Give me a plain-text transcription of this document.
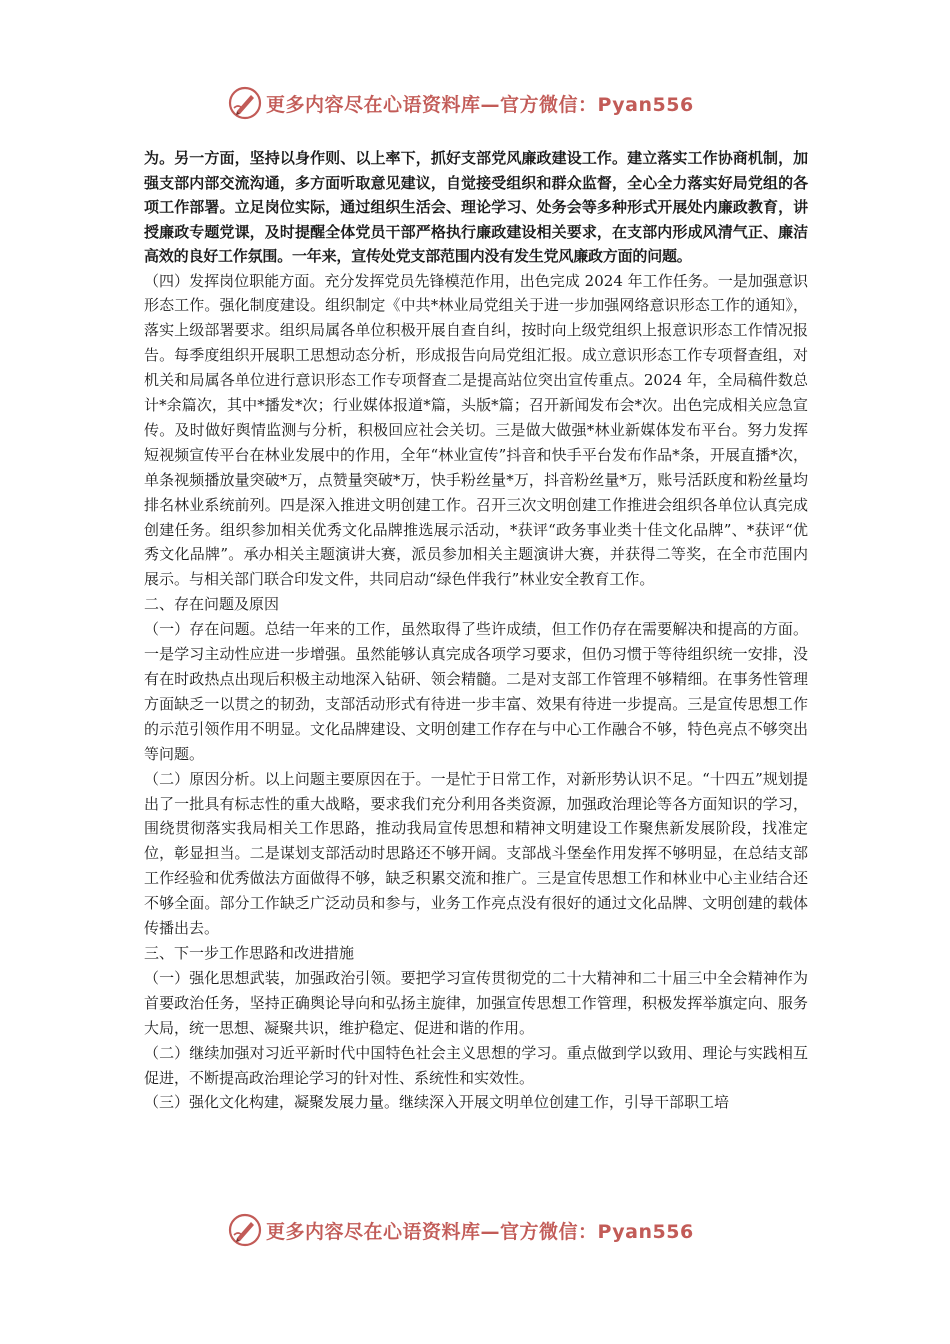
更多内容尽在心语资料库—官方微信：Pyan556

为。另一方面，坚持以身作则、以上率下，抓好支部党风廉政建设工作。建立落实工作协商机制，加强支部内部交流沟通，多方面听取意见建议，自觉接受组织和群众监督，全心全力落实好局党组的各项工作部署。立足岗位实际，通过组织生活会、理论学习、处务会等多种形式开展处内廉政教育，讲授廉政专题党课，及时提醒全体党员干部严格执行廉政建设相关要求，在支部内形成风清气正、廉洁高效的良好工作氛围。一年来，宣传处党支部范围内没有发生党风廉政方面的问题。

（四）发挥岗位职能方面。充分发挥党员先锋模范作用，出色完成 2024 年工作任务。一是加强意识形态工作。强化制度建设。组织制定《中共*林业局党组关于进一步加强网络意识形态工作的通知》，落实上级部署要求。组织局属各单位积极开展自查自纠，按时向上级党组织上报意识形态工作情况报告。每季度组织开展职工思想动态分析，形成报告向局党组汇报。成立意识形态工作专项督查组，对机关和局属各单位进行意识形态工作专项督查二是提高站位突出宣传重点。2024 年，全局稿件数总计*余篇次，其中*播发*次；行业媒体报道*篇，头版*篇；召开新闻发布会*次。出色完成相关应急宣传。及时做好舆情监测与分析，积极回应社会关切。三是做大做强*林业新媒体发布平台。努力发挥短视频宣传平台在林业发展中的作用，全年“林业宣传”抖音和快手平台发布作品*条，开展直播*次，单条视频播放量突破*万，点赞量突破*万，快手粉丝量*万，抖音粉丝量*万，账号活跃度和粉丝量均排名林业系统前列。四是深入推进文明创建工作。召开三次文明创建工作推进会组织各单位认真完成创建任务。组织参加相关优秀文化品牌推选展示活动，*获评“政务事业类十佳文化品牌”、*获评“优秀文化品牌”。承办相关主题演讲大赛，派员参加相关主题演讲大赛，并获得二等奖，在全市范围内展示。与相关部门联合印发文件，共同启动“绿色伴我行”林业安全教育工作。

二、存在问题及原因

（一）存在问题。总结一年来的工作，虽然取得了些许成绩，但工作仍存在需要解决和提高的方面。一是学习主动性应进一步增强。虽然能够认真完成各项学习要求，但仍习惯于等待组织统一安排，没有在时政热点出现后积极主动地深入钻研、领会精髓。二是对支部工作管理不够精细。在事务性管理方面缺乏一以贯之的韧劲，支部活动形式有待进一步丰富、效果有待进一步提高。三是宣传思想工作的示范引领作用不明显。文化品牌建设、文明创建工作存在与中心工作融合不够，特色亮点不够突出等问题。

（二）原因分析。以上问题主要原因在于。一是忙于日常工作，对新形势认识不足。“十四五”规划提出了一批具有标志性的重大战略，要求我们充分利用各类资源，加强政治理论等各方面知识的学习，围绕贯彻落实我局相关工作思路，推动我局宣传思想和精神文明建设工作聚焦新发展阶段，找准定位，彰显担当。二是谋划支部活动时思路还不够开阔。支部战斗堡垒作用发挥不够明显，在总结支部工作经验和优秀做法方面做得不够，缺乏积累交流和推广。三是宣传思想工作和林业中心主业结合还不够全面。部分工作缺乏广泛动员和参与，业务工作亮点没有很好的通过文化品牌、文明创建的载体传播出去。

三、下一步工作思路和改进措施

（一）强化思想武装，加强政治引领。要把学习宣传贯彻党的二十大精神和二十届三中全会精神作为首要政治任务，坚持正确舆论导向和弘扬主旋律，加强宣传思想工作管理，积极发挥举旗定向、服务大局，统一思想、凝聚共识，维护稳定、促进和谐的作用。

（二）继续加强对习近平新时代中国特色社会主义思想的学习。重点做到学以致用、理论与实践相互促进，不断提高政治理论学习的针对性、系统性和实效性。

（三）强化文化构建，凝聚发展力量。继续深入开展文明单位创建工作，引导干部职工培

更多内容尽在心语资料库—官方微信：Pyan556
